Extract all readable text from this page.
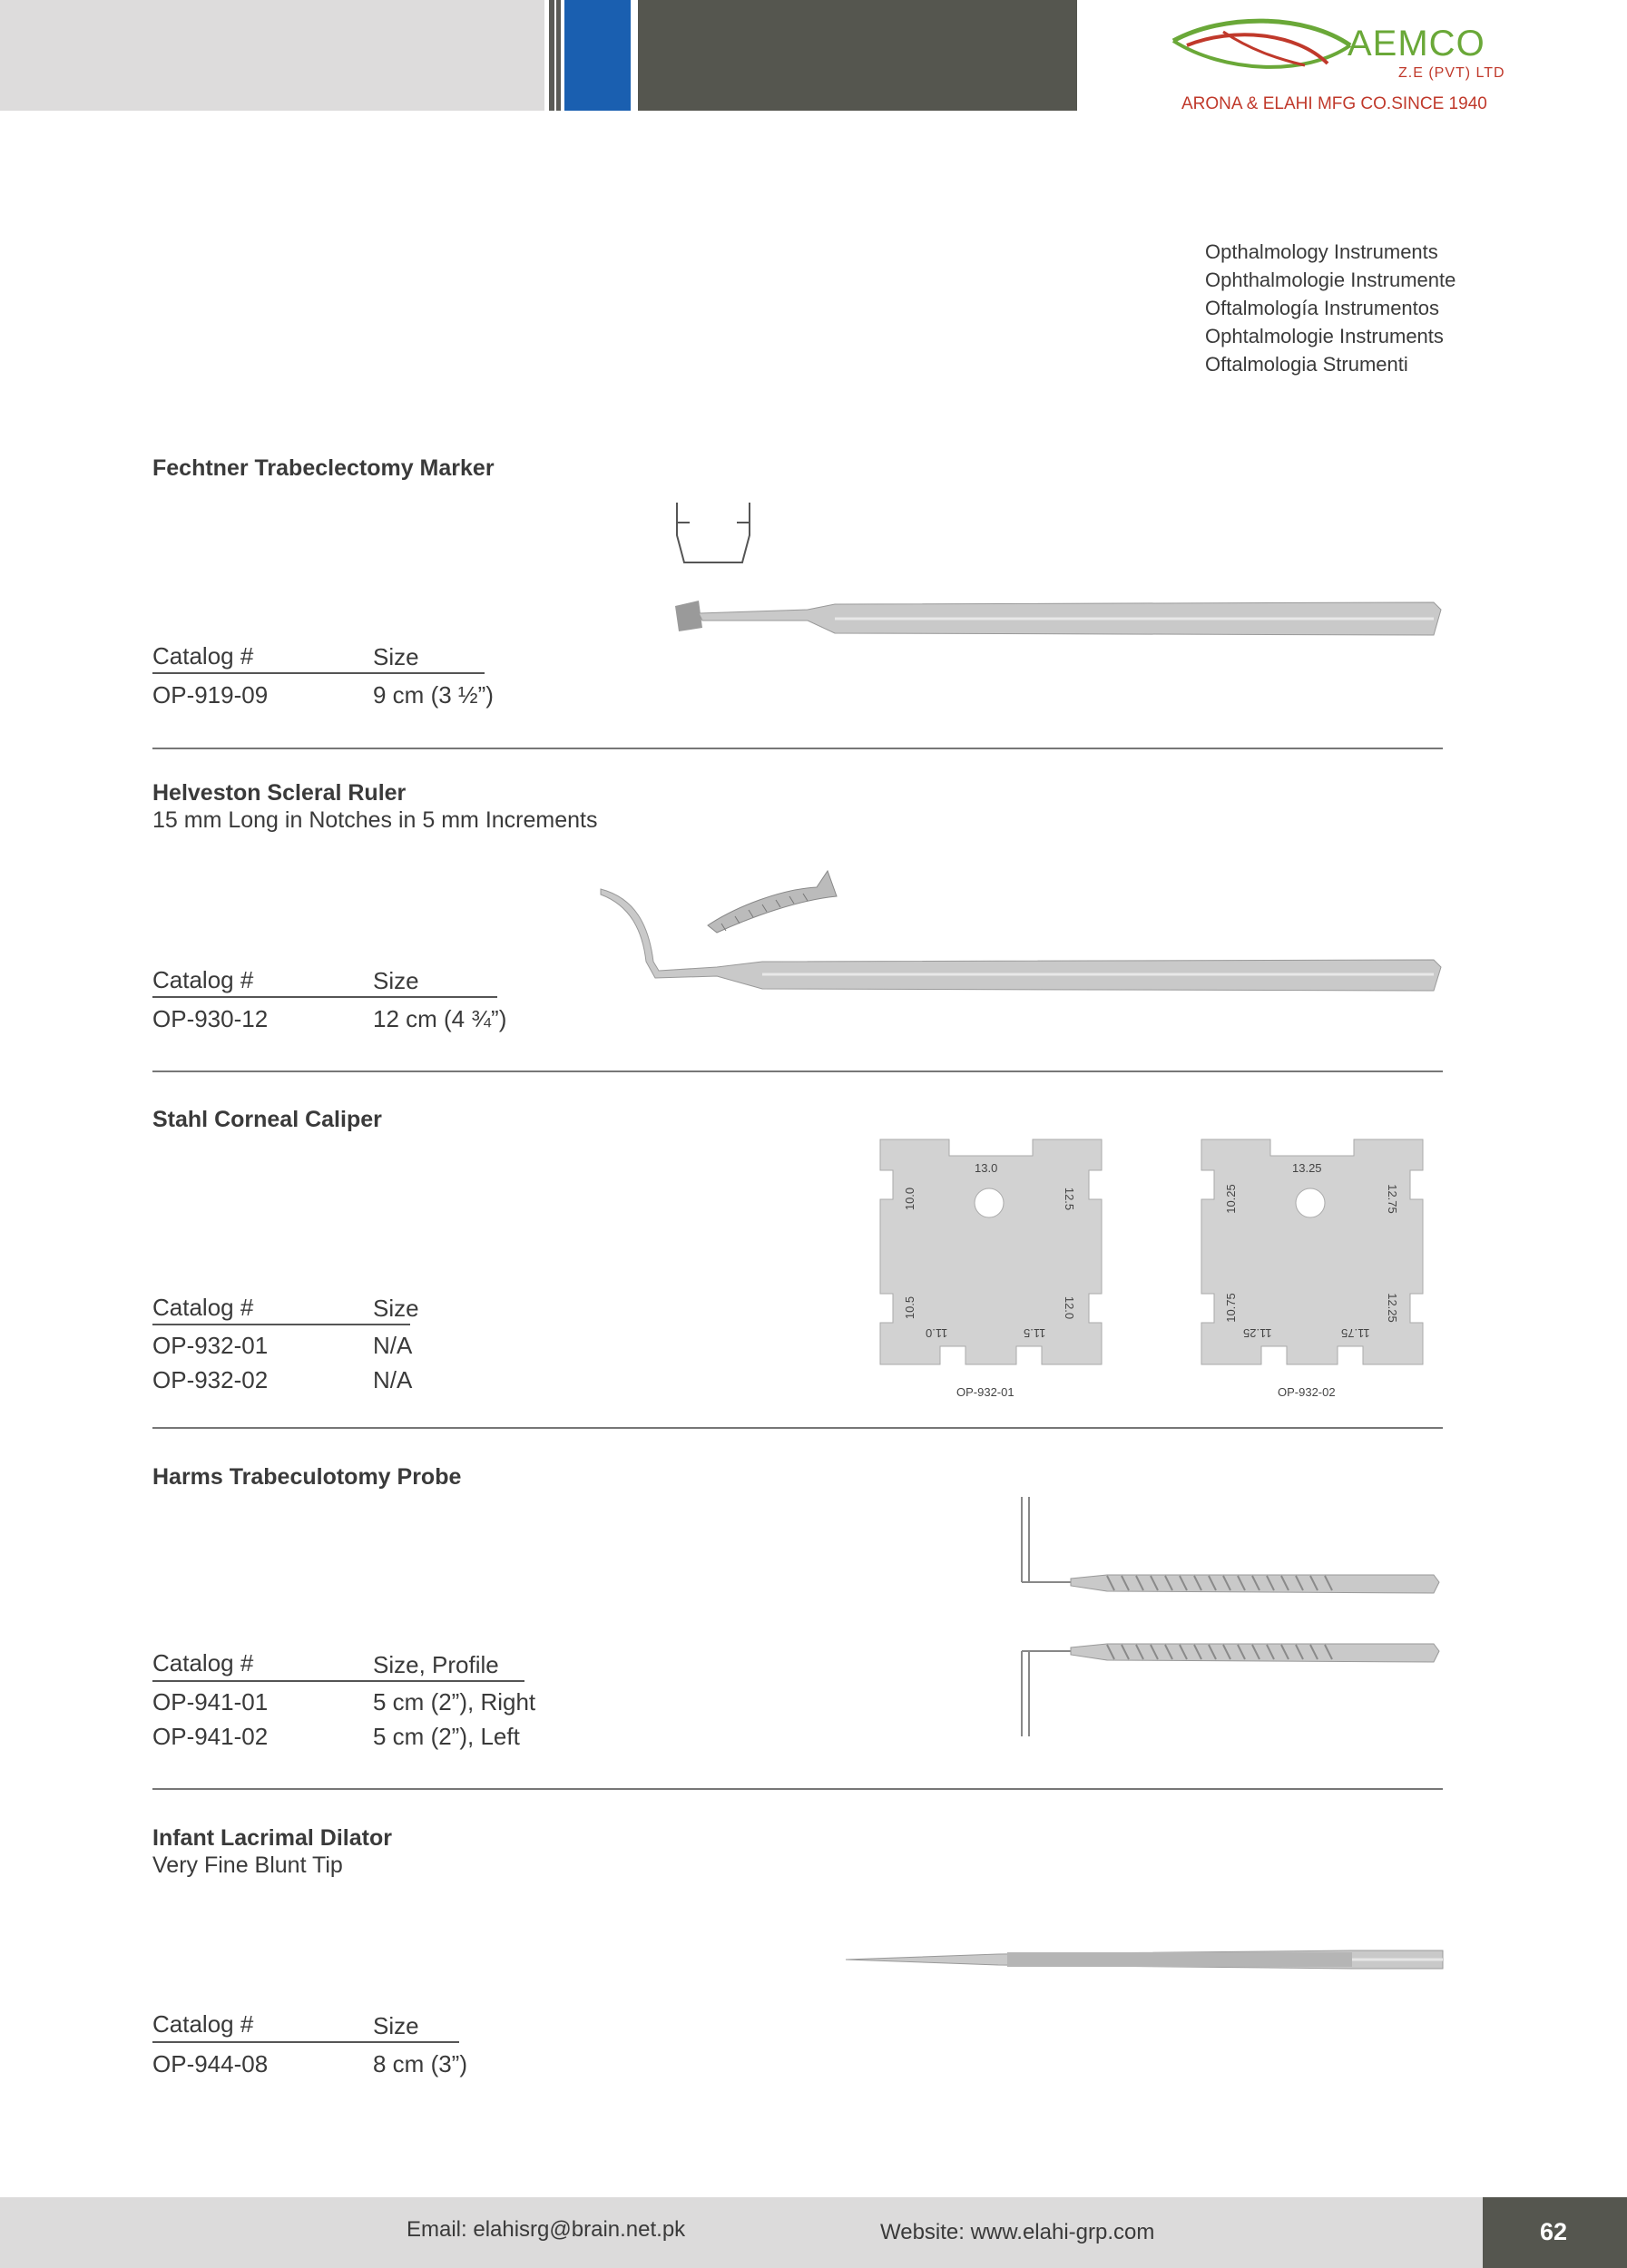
AEMCO
Z.E (PVT) LTD
ARONA & ELAHI MFG CO.SINCE 1940
Opthalmology Instruments
Ophthalmologie Instrumente
Oftalmología Instrumentos
Ophtalmologie Instruments
Oftalmologia Strumenti
Fechtner Trabeclectomy Marker
Catalog #	Size
OP-919-09	9 cm (3 ½”)
Helveston Scleral Ruler
15 mm Long in Notches in 5 mm Increments
Catalog #	Size
OP-930-12	12 cm (4 ¾”)
Stahl Corneal Caliper
Catalog #	Size
OP-932-01	N/A
OP-932-02	N/A
13.0
10.0	12.5
10.5	12.0
11.0	11.5
OP-932-01
13.25
10.25	12.75
10.75	12.25
11.25	11.75
OP-932-02
Harms Trabeculotomy Probe
Catalog #	Size, Profile
OP-941-01	5 cm (2”), Right
OP-941-02	5 cm (2”), Left
Infant Lacrimal Dilator
Very Fine Blunt Tip
Catalog #	Size
OP-944-08	8 cm (3”)
Email: elahisrg@brain.net.pk	Website: www.elahi-grp.com	62
